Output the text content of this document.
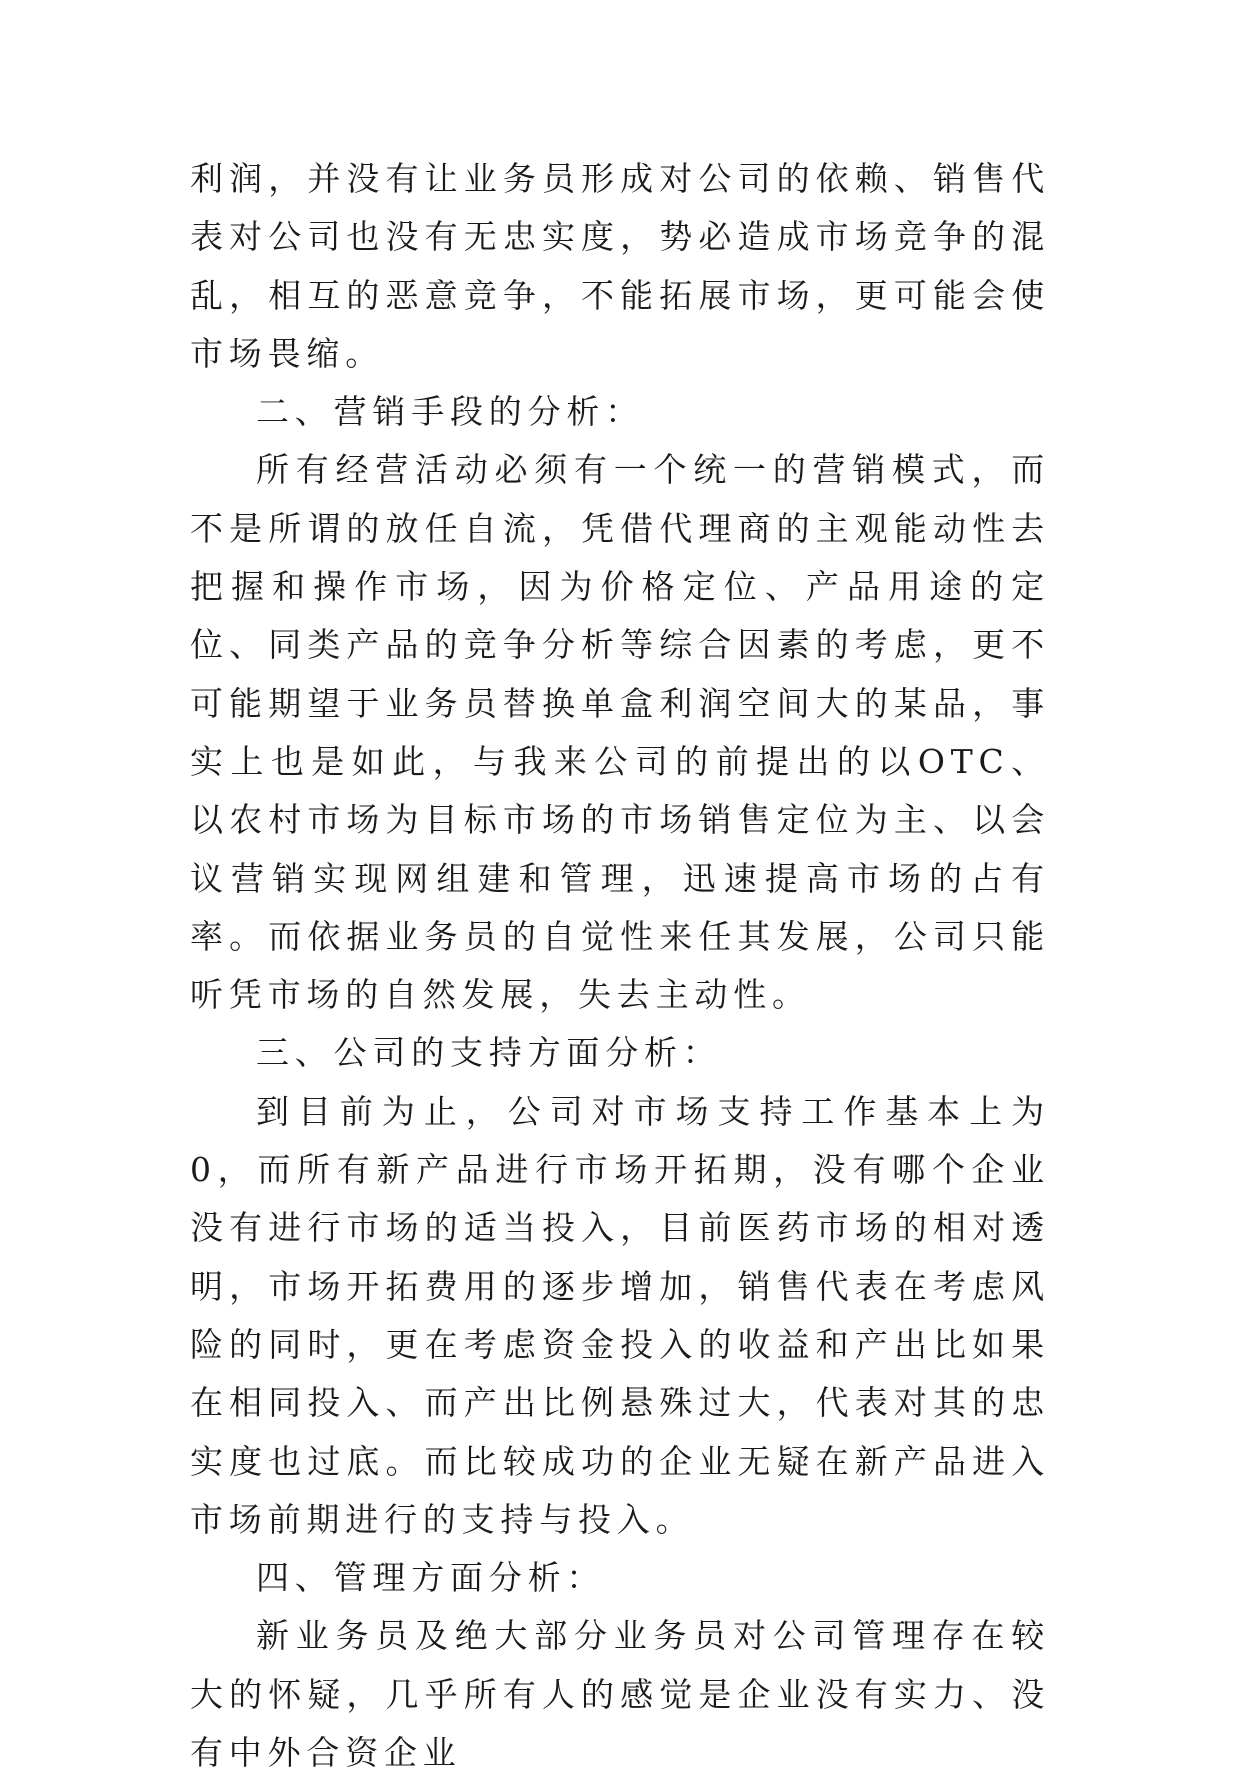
利润，并没有让业务员形成对公司的依赖、销售代表对公司也没有无忠实度，势必造成市场竞争的混乱，相互的恶意竞争，不能拓展市场，更可能会使市场畏缩。

二、营销手段的分析：

所有经营活动必须有一个统一的营销模式，而不是所谓的放任自流，凭借代理商的主观能动性去把握和操作市场，因为价格定位、产品用途的定位、同类产品的竞争分析等综合因素的考虑，更不可能期望于业务员替换单盒利润空间大的某品，事实上也是如此，与我来公司的前提出的以OTC、以农村市场为目标市场的市场销售定位为主、以会议营销实现网组建和管理，迅速提高市场的占有率。而依据业务员的自觉性来任其发展，公司只能听凭市场的自然发展，失去主动性。

三、公司的支持方面分析：

到目前为止，公司对市场支持工作基本上为0，而所有新产品进行市场开拓期，没有哪个企业没有进行市场的适当投入，目前医药市场的相对透明，市场开拓费用的逐步增加，销售代表在考虑风险的同时，更在考虑资金投入的收益和产出比如果在相同投入、而产出比例悬殊过大，代表对其的忠实度也过底。而比较成功的企业无疑在新产品进入市场前期进行的支持与投入。

四、管理方面分析：

新业务员及绝大部分业务员对公司管理存在较大的怀疑，几乎所有人的感觉是企业没有实力、没有中外合资企业
